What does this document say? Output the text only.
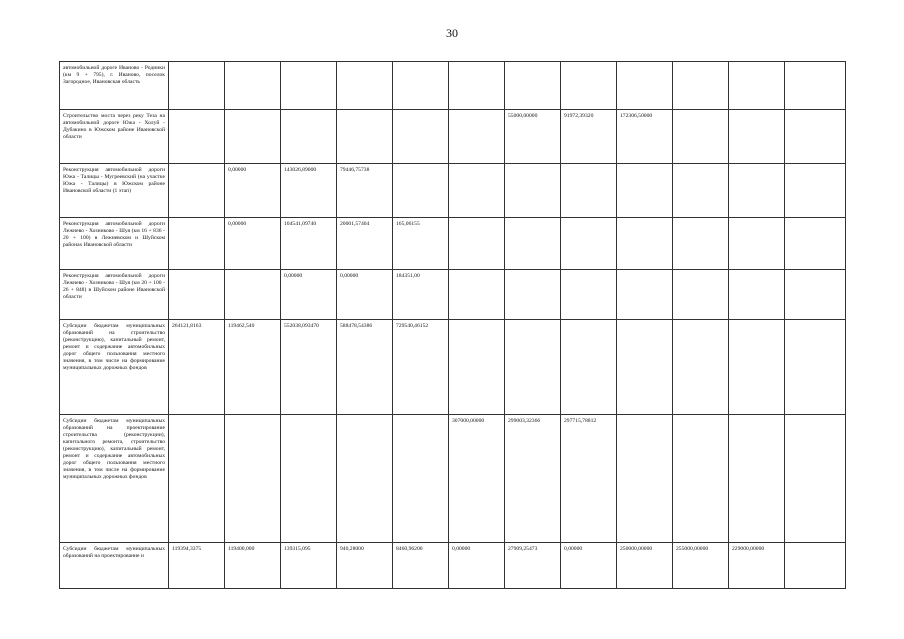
30
автомобильной дороге Иваново - Родники (км 9 + 795), г. Иваново, поселок Загородное, Ивановская область													
Строительство моста через реку Теза на автомобильной дороге Южа - Холуй - Дубакино в Южском районе Ивановской области							55000,00000	91972,39320	172306,50000				
Реконструкция автомобильной дороги Южа - Талицы - Мугреевский (на участке Южа - Талицы) в Южском районе Ивановской области (1 этап)		0,00000	143026,89000	79446,75738									
Реконструкция автомобильной дороги Лежнево - Хозниково - Шуя (км 16 + 836 - 20 + 100) в Лежневском и Шуйском районах Ивановской области		0,00000	104541,09740	20001,57404	165,06155								
Реконструкция автомобильной дороги Лежнево - Хозниково - Шуя (км 20 + 100 - 26 + 848) в Шуйском районе Ивановской области			0,00000	0,00000	184351,00								
Субсидии бюджетам муниципальных образований на строительство (реконструкцию), капитальный ремонт, ремонт и содержание автомобильных дорог общего пользования местного значения, в том числе на формирование муниципальных дорожных фондов	264121,8163	119462,540	552038,093470	588478,54386	729540,46152								
Субсидии бюджетам муниципальных образований на проектирование строительства (реконструкции), капитального ремонта, строительство (реконструкцию), капитальный ремонт, ремонт и содержание автомобильных дорог общего пользования местного значения, в том числе на формирование муниципальных дорожных фондов						307000,00000	299003,32366	297715,78812					
Субсидии бюджетам муниципальных образований на проектирование и	119394,3375	119400,000	139315,095	940,28000	8460,96200	0,00000	27909,25473	0,00000	250000,00000	255000,00000	229000,00000		
